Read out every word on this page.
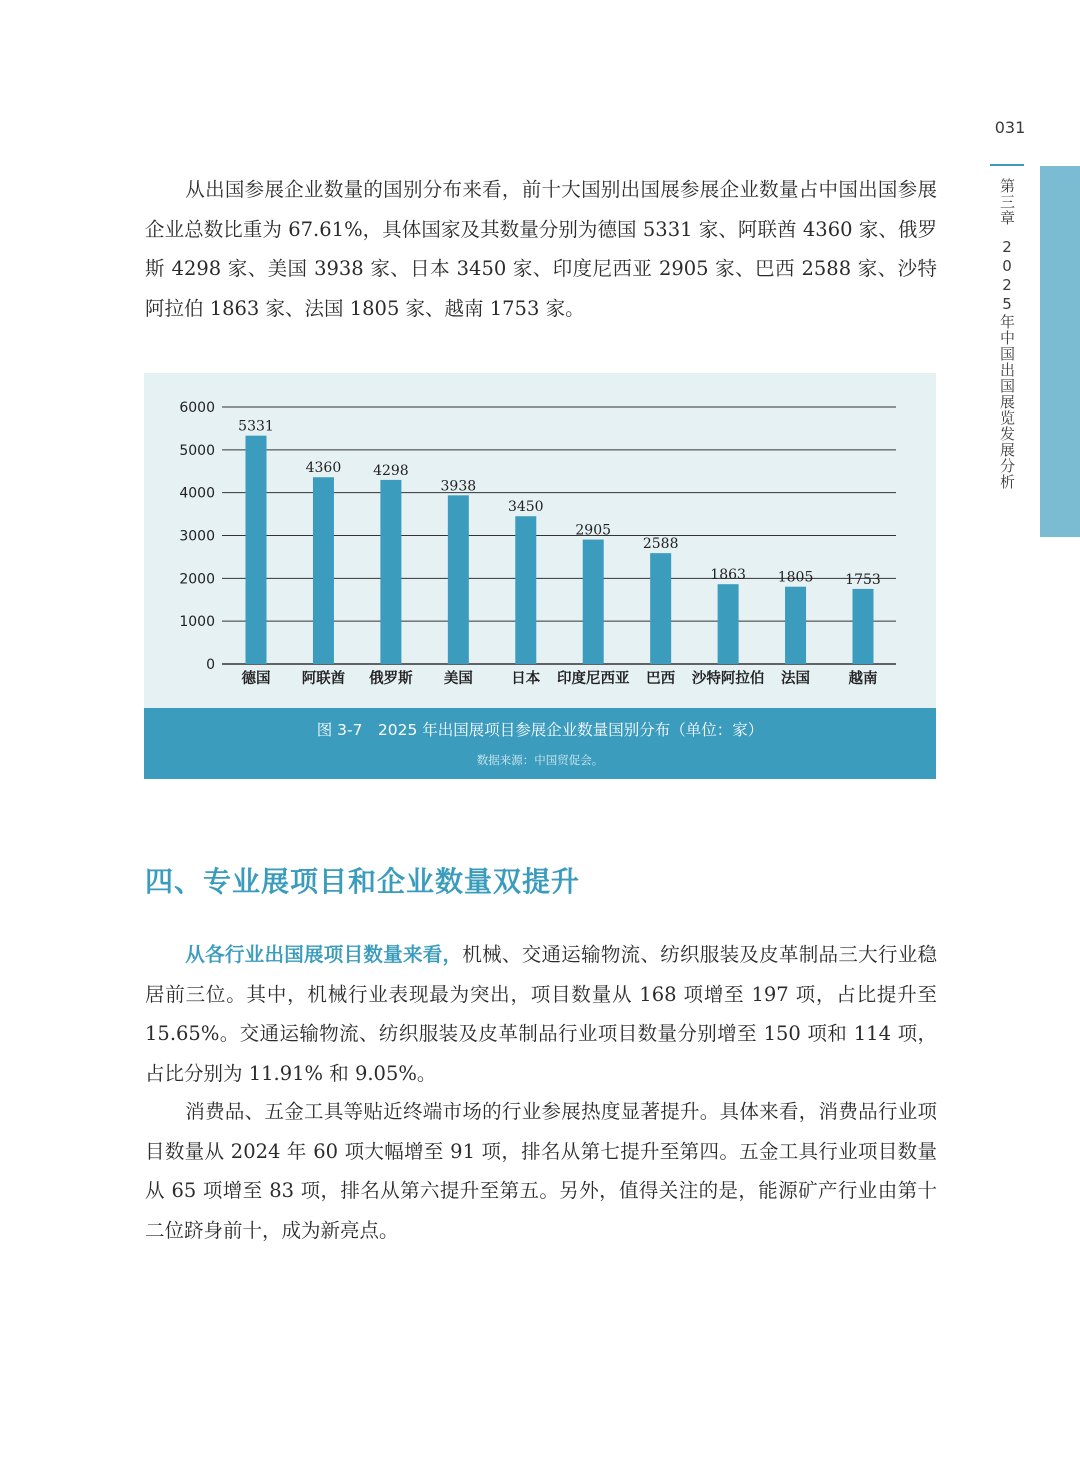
031
第三章2025年中国出国展览发展分析

从出国参展企业数量的国别分布来看，前十大国别出国展参展企业数量占中国出国参展企业总数比重为 67.61%，具体国家及其数量分别为德国 5331 家、阿联酋 4360 家、俄罗斯 4298 家、美国 3938 家、日本 3450 家、印度尼西亚 2905 家、巴西 2588 家、沙特阿拉伯 1863 家、法国 1805 家、越南 1753 家。

0
1000
2000
3000
4000
5000
6000
5331
德国
4360
阿联酋
4298
俄罗斯
3938
美国
3450
日本
2905
印度尼西亚
2588
巴西
1863
沙特阿拉伯
1805
法国
1753
越南
图 3-7　2025 年出国展项目参展企业数量国别分布（单位：家）
数据来源：中国贸促会。
四、专业展项目和企业数量双提升

从各行业出国展项目数量来看，机械、交通运输物流、纺织服装及皮革制品三大行业稳居前三位。其中，机械行业表现最为突出，项目数量从 168 项增至 197 项，占比提升至 15.65%。交通运输物流、纺织服装及皮革制品行业项目数量分别增至 150 项和 114 项，占比分别为 11.91% 和 9.05%。

消费品、五金工具等贴近终端市场的行业参展热度显著提升。具体来看，消费品行业项目数量从 2024 年 60 项大幅增至 91 项，排名从第七提升至第四。五金工具行业项目数量从 65 项增至 83 项，排名从第六提升至第五。另外，值得关注的是，能源矿产行业由第十二位跻身前十，成为新亮点。
